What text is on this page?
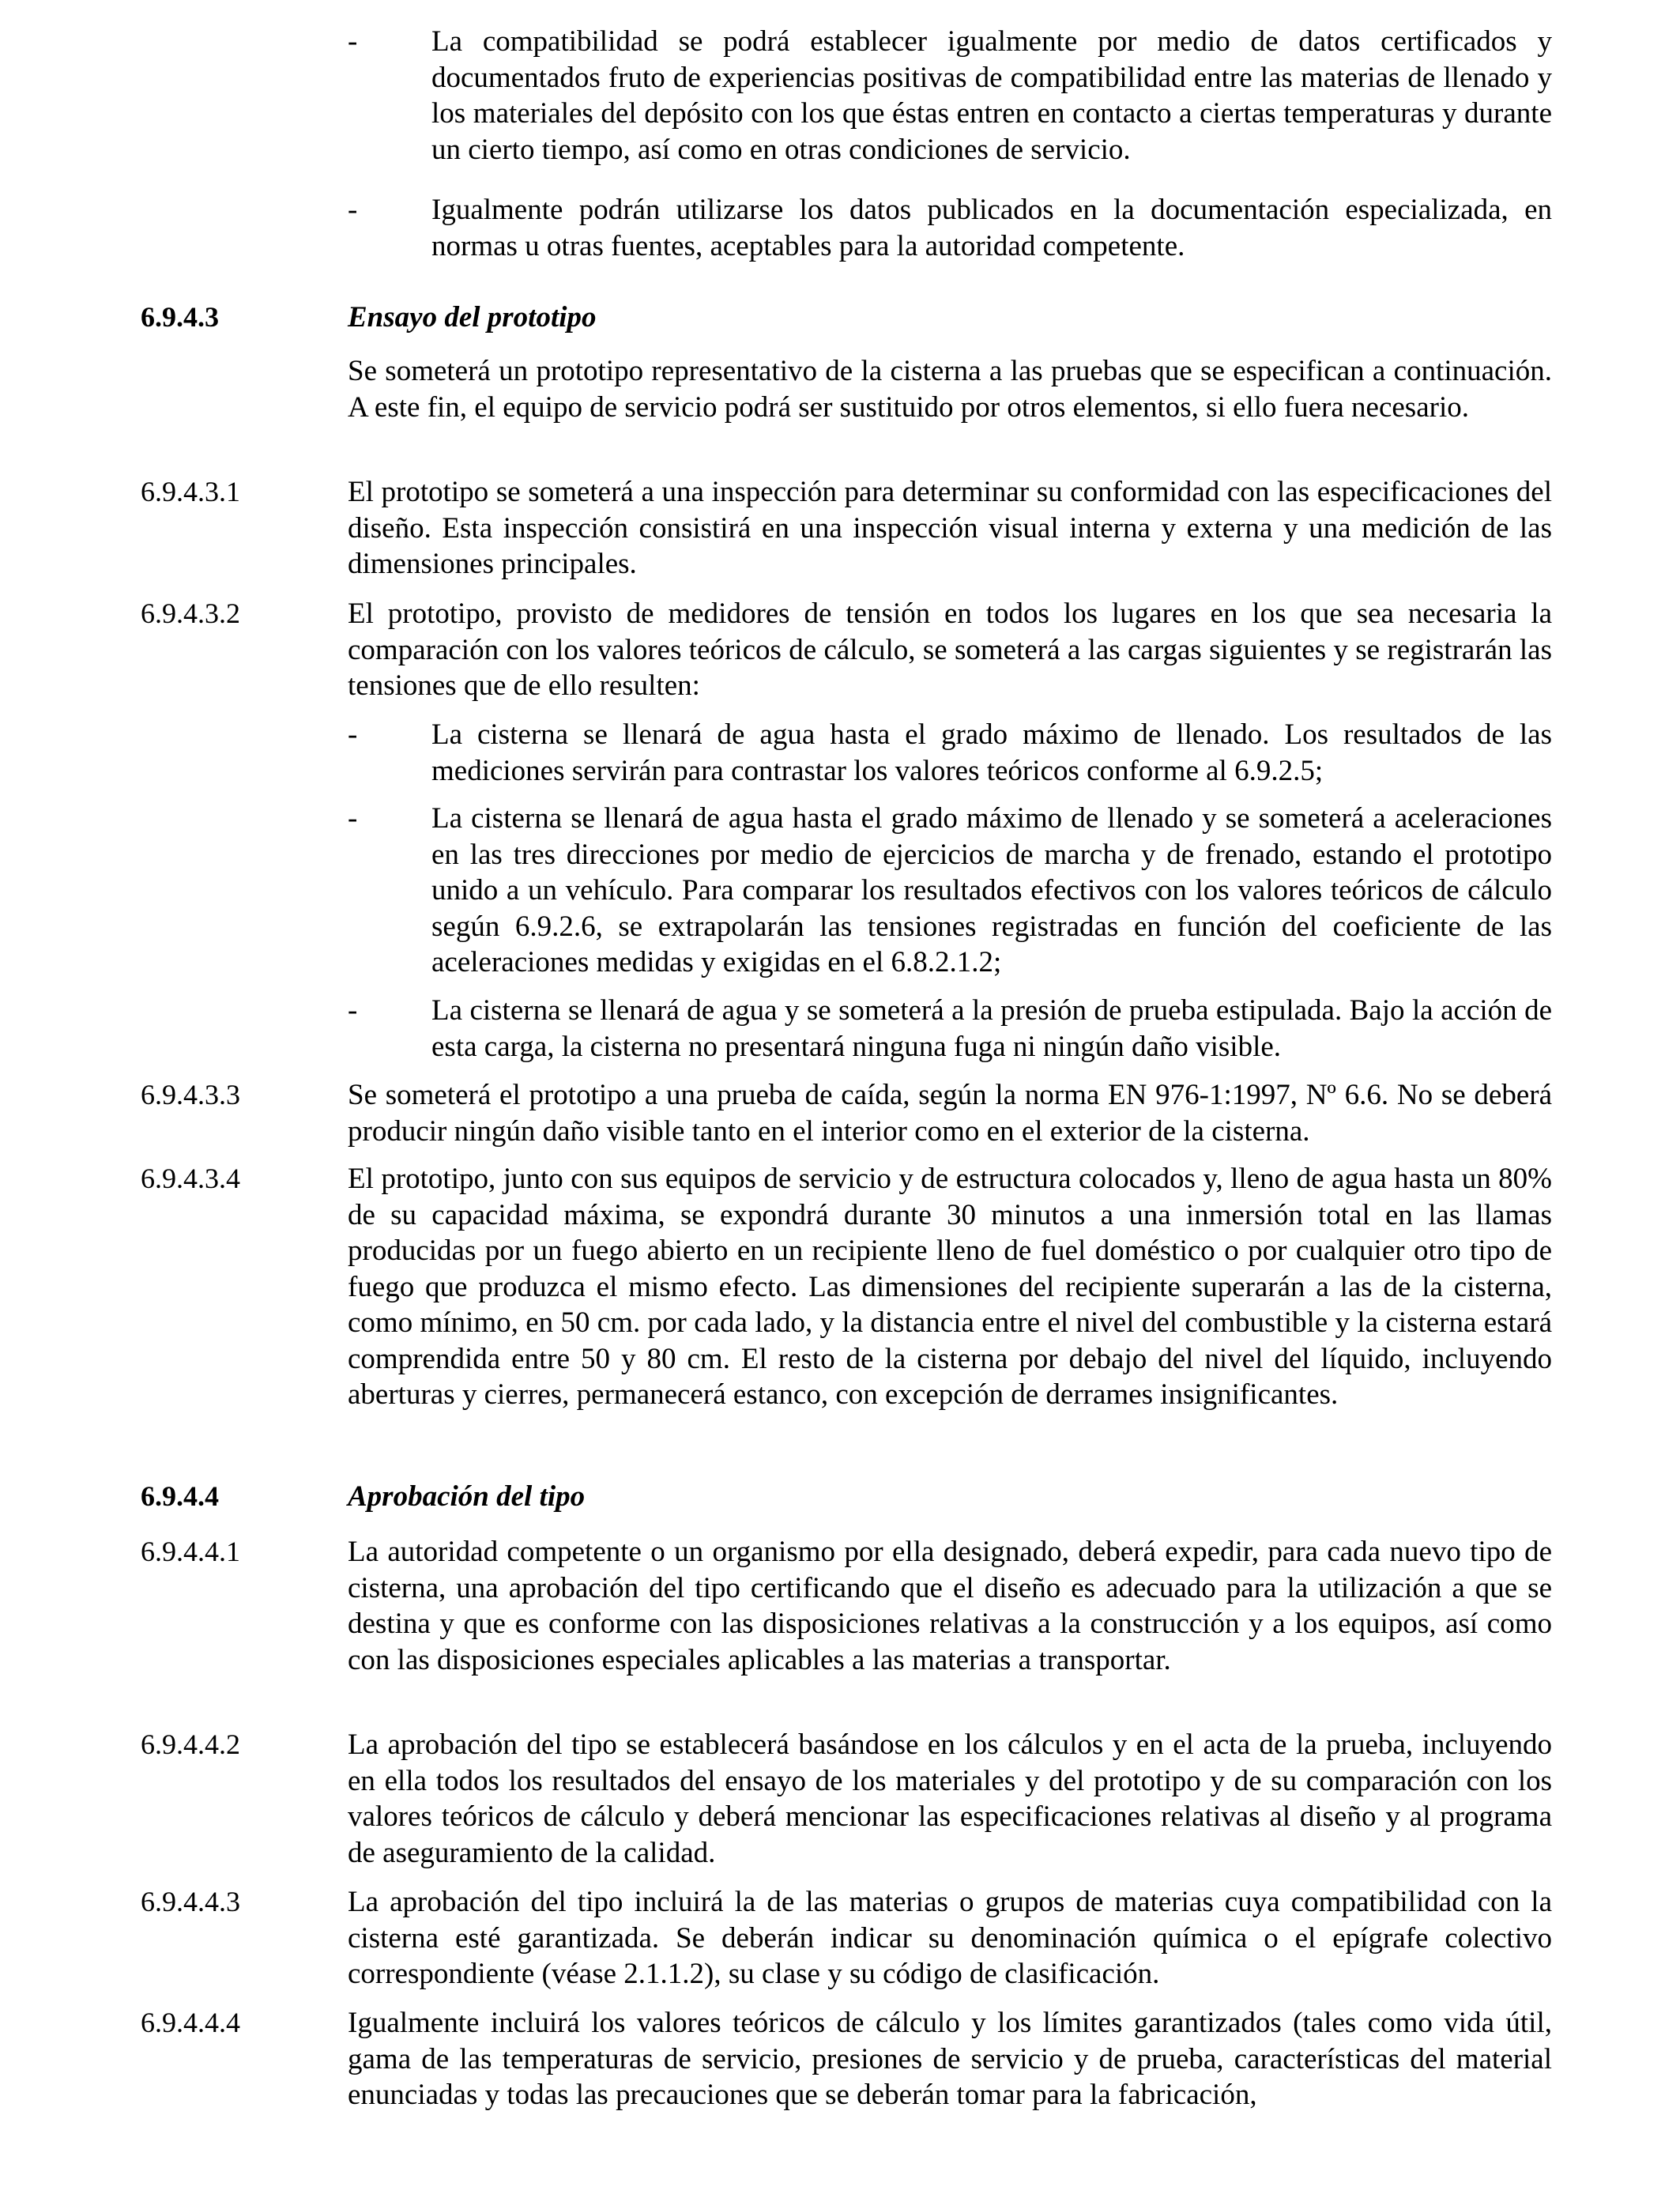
-	La compatibilidad se podrá establecer igualmente por medio de datos certificados y documentados fruto de experiencias positivas de compatibilidad entre las materias de llenado y los materiales del depósito con los que éstas entren en contacto a ciertas temperaturas y durante un cierto tiempo, así como en otras condiciones de servicio.

-	Igualmente podrán utilizarse los datos publicados en la documentación especializada, en normas u otras fuentes, aceptables para la autoridad competente.

6.9.4.3	Ensayo del prototipo

Se someterá un prototipo representativo de la cisterna a las pruebas que se especifican a continuación. A este fin, el equipo de servicio podrá ser sustituido por otros elementos, si ello fuera necesario.

6.9.4.3.1	El prototipo se someterá a una inspección para determinar su conformidad con las especificaciones del diseño. Esta inspección consistirá en una inspección visual interna y externa y una medición de las dimensiones principales.

6.9.4.3.2	El prototipo, provisto de medidores de tensión en todos los lugares en los que sea necesaria la comparación con los valores teóricos de cálculo, se someterá a las cargas siguientes y se registrarán las tensiones que de ello resulten:

-	La cisterna se llenará de agua hasta el grado máximo de llenado. Los resultados de las mediciones servirán para contrastar los valores teóricos conforme al 6.9.2.5;

-	La cisterna se llenará de agua hasta el grado máximo de llenado y se someterá a aceleraciones en las tres direcciones por medio de ejercicios de marcha y de frenado, estando el prototipo unido a un vehículo. Para comparar los resultados efectivos con los valores teóricos de cálculo según 6.9.2.6, se extrapolarán las tensiones registradas en función del coeficiente de las aceleraciones medidas y exigidas en el 6.8.2.1.2;

-	La cisterna se llenará de agua y se someterá a la presión de prueba estipulada. Bajo la acción de esta carga, la cisterna no presentará ninguna fuga ni ningún daño visible.

6.9.4.3.3	Se someterá el prototipo a una prueba de caída, según la norma EN 976-1:1997, Nº 6.6. No se deberá producir ningún daño visible tanto en el interior como en el exterior de la cisterna.

6.9.4.3.4	El prototipo, junto con sus equipos de servicio y de estructura colocados y, lleno de agua hasta un 80% de su capacidad máxima, se expondrá durante 30 minutos a una inmersión total en las llamas producidas por un fuego abierto en un recipiente lleno de fuel doméstico o por cualquier otro tipo de fuego que produzca el mismo efecto. Las dimensiones del recipiente superarán a las de la cisterna, como mínimo, en 50 cm. por cada lado, y la distancia entre el nivel del combustible y la cisterna estará comprendida entre 50 y 80 cm. El resto de la cisterna por debajo del nivel del líquido, incluyendo aberturas y cierres, permanecerá estanco, con excepción de derrames insignificantes.

6.9.4.4	Aprobación del tipo
6.9.4.4.1	La autoridad competente o un organismo por ella designado, deberá expedir, para cada nuevo tipo de cisterna, una aprobación del tipo certificando que el diseño es adecuado para la utilización a que se destina y que es conforme con las disposiciones relativas a la construcción y a los equipos, así como con las disposiciones especiales aplicables a las materias a transportar.

6.9.4.4.2	La aprobación del tipo se establecerá basándose en los cálculos y en el acta de la prueba, incluyendo en ella todos los resultados del ensayo de los materiales y del prototipo y de su comparación con los valores teóricos de cálculo y deberá mencionar las especificaciones relativas al diseño y al programa de aseguramiento de la calidad.

6.9.4.4.3	La aprobación del tipo incluirá la de las materias o grupos de materias cuya compatibilidad con la cisterna esté garantizada. Se deberán indicar su denominación química o el epígrafe colectivo correspondiente (véase 2.1.1.2), su clase y su código de clasificación.

6.9.4.4.4	Igualmente incluirá los valores teóricos de cálculo y los límites garantizados (tales como vida útil, gama de las temperaturas de servicio, presiones de servicio y de prueba, características del material enunciadas y todas las precauciones que se deberán tomar para la fabricación,
